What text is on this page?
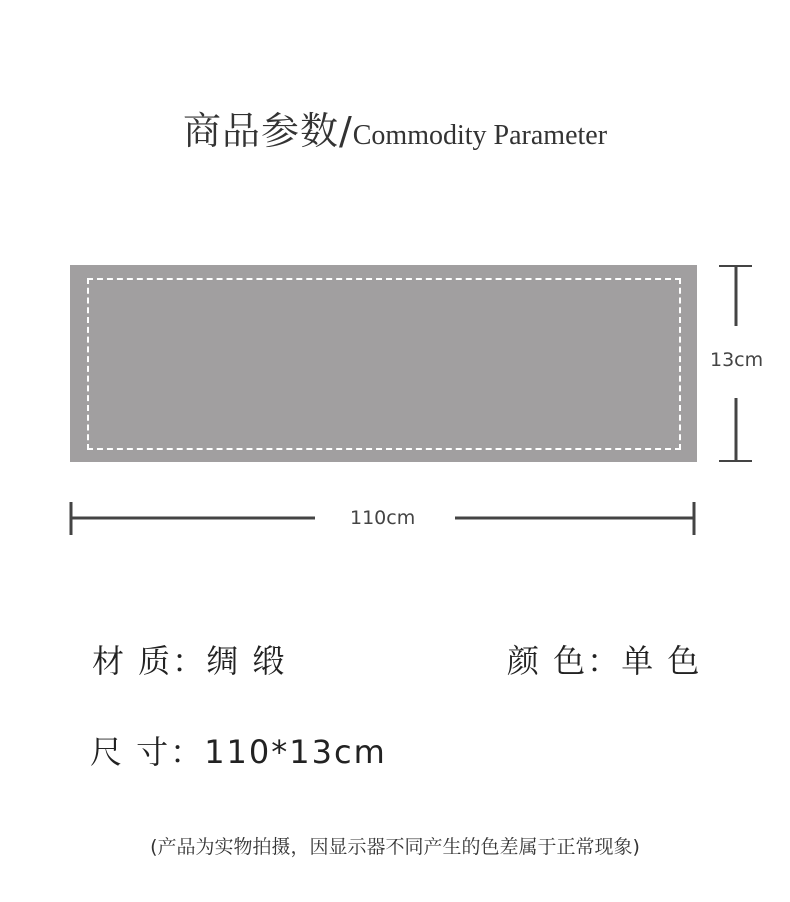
商品参数/Commodity Parameter
13cm
110cm
材 质：绸 缎	颜 色：单 色
尺 寸：110*13cm
(产品为实物拍摄，因显示器不同产生的色差属于正常现象)
